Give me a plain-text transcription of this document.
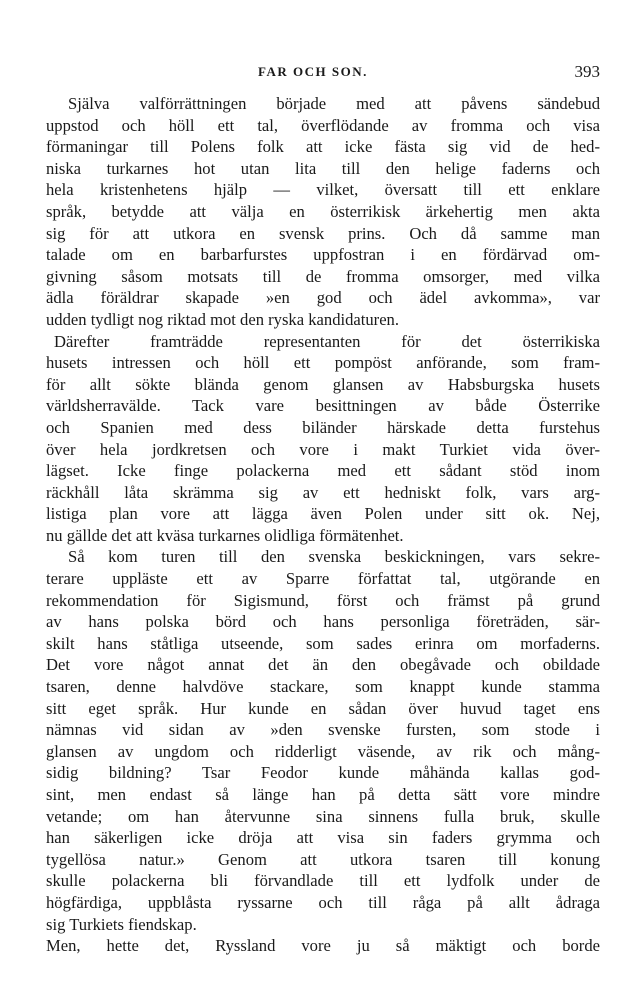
FAR OCH SON.	393
Själva valförrättningen började med att påvens sändebud
uppstod och höll ett tal, överflödande av fromma och visa
förmaningar till Polens folk att icke fästa sig vid de hed-
niska turkarnes hot utan lita till den helige faderns och
hela kristenhetens hjälp — vilket, översatt till ett enklare
språk, betydde att välja en österrikisk ärkehertig men akta
sig för att utkora en svensk prins. Och då samme man
talade om en barbarfurstes uppfostran i en fördärvad om-
givning såsom motsats till de fromma omsorger, med vilka
ädla föräldrar skapade »en god och ädel avkomma», var
udden tydligt nog riktad mot den ryska kandidaturen.
Därefter framträdde representanten för det österrikiska
husets intressen och höll ett pompöst anförande, som fram-
för allt sökte blända genom glansen av Habsburgska husets
världsherravälde. Tack vare besittningen av både Österrike
och Spanien med dess biländer härskade detta furstehus
över hela jordkretsen och vore i makt Turkiet vida över-
lägset. Icke finge polackerna med ett sådant stöd inom
räckhåll låta skrämma sig av ett hedniskt folk, vars arg-
listiga plan vore att lägga även Polen under sitt ok. Nej,
nu gällde det att kväsa turkarnes olidliga förmätenhet.
Så kom turen till den svenska beskickningen, vars sekre-
terare uppläste ett av Sparre författat tal, utgörande en
rekommendation för Sigismund, först och främst på grund
av hans polska börd och hans personliga företräden, sär-
skilt hans ståtliga utseende, som sades erinra om morfaderns.
Det vore något annat det än den obegåvade och obildade
tsaren, denne halvdöve stackare, som knappt kunde stamma
sitt eget språk. Hur kunde en sådan över huvud taget ens
nämnas vid sidan av »den svenske fursten, som stode i
glansen av ungdom och ridderligt väsende, av rik och mång-
sidig bildning? Tsar Feodor kunde måhända kallas god-
sint, men endast så länge han på detta sätt vore mindre
vetande; om han återvunne sina sinnens fulla bruk, skulle
han säkerligen icke dröja att visa sin faders grymma och
tygellösa natur.» Genom att utkora tsaren till konung
skulle polackerna bli förvandlade till ett lydfolk under de
högfärdiga, uppblåsta ryssarne och till råga på allt ådraga
sig Turkiets fiendskap.
Men, hette det, Ryssland vore ju så mäktigt och borde
